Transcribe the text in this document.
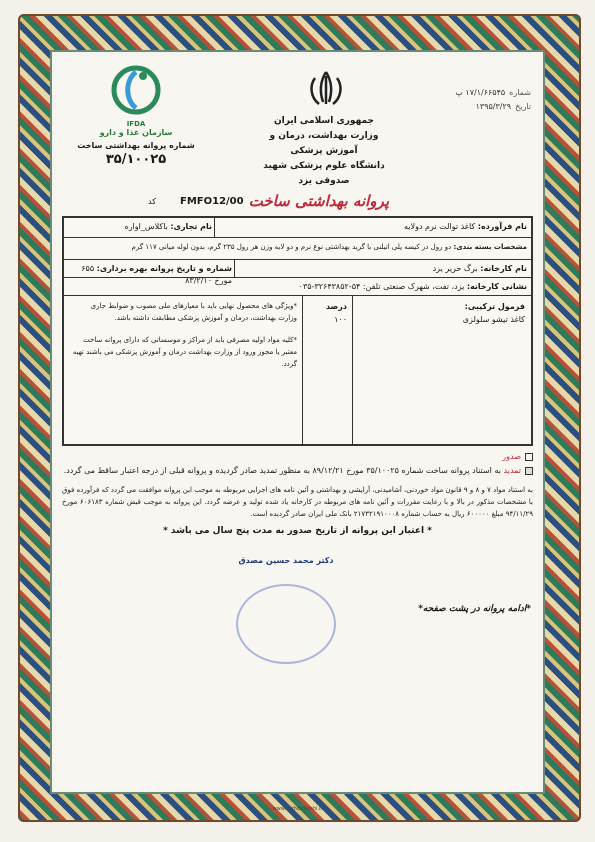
شماره
۱۷/۱/۶۶۵۴۵ پ
تاریخ
۱۳۹۵/۳/۲۹
جمهوری اسلامی ایران
وزارت بهداشت، درمان و آموزش پزشکی
دانشگاه علوم پزشکی شهید صدوقی یزد
IFDA
سازمان غذا و دارو
شماره پروانه بهداشتی ساخت
۳۵/۱۰۰۲۵
پروانه بهداشتی ساخت
کد FMFO12/00
نام فرآورده: کاغذ توالت نرم دولایه
نام تجاری: باکلاس_اواره
مشخصات بسته بندی: دو رول در کیسه پلی اتیلنی با گرید بهداشتی نوع نرم و دو لایه وزن هر رول ۲۳۵ گرم، بدون لوله میانی ۱۱۷ گرم
نام کارخانه: برگ حریر یزد
شماره و تاریخ پروانه بهره برداری: ۶۵۵ مورخ ۸۳/۲/۱۰
نشانی کارخانه: یزد، تفت، شهرک صنعتی تلفن: ۵۴-۳۲۶۴۳۸۵۲-۰۳۵
فرمول ترکیبی:
کاغذ تیشو سلولزی
درصد
۱۰۰

*ویژگی های محصول نهایی باید با معیارهای ملی مصوب و ضوابط جاری وزارت بهداشت، درمان و آموزش پزشکی مطابقت داشته باشد.

*کلیه مواد اولیه مصرفی باید از مراکز و موسساتی که دارای پروانه ساخت معتبر یا مجوز ورود از وزارت بهداشت درمان و آموزش پزشکی می باشند تهیه گردد.

صدور
تمدید به استناد پروانه ساخت شماره ۳۵/۱۰۰۲۵ مورخ ۸۹/۱۲/۲۱ به منظور تمدید صادر گردیده و پروانه قبلی از درجه اعتبار ساقط می گردد.

به استناد مواد ۷ و ۸ و ۹ قانون مواد خوردنی، آشامیدنی، آرایشی و بهداشتی و آئین نامه های اجرایی مربوطه به موجب این پروانه موافقت می گردد که فرآورده فوق با مشخصات مذکور در بالا و با رعایت مقررات و آئین نامه های مربوطه در کارخانه یاد شده تولید و عرضه گردد. این پروانه به موجب قبض شماره ۶۰۶۱۸۳ مورخ ۹۴/۱۱/۲۹ مبلغ ۶۰۰۰۰۰ ریال به حساب شماره ۲۱۷۳۲۱۹۱۰۰۰۸ بانک ملی ایران صادر گردیده است.

* اعتبار این پروانه از تاریخ صدور به مدت پنج سال می باشد *
دکتر محمد حسین مصدق
*ادامه پروانه در پشت صفحه*
www.tazhibchoshi.ir
